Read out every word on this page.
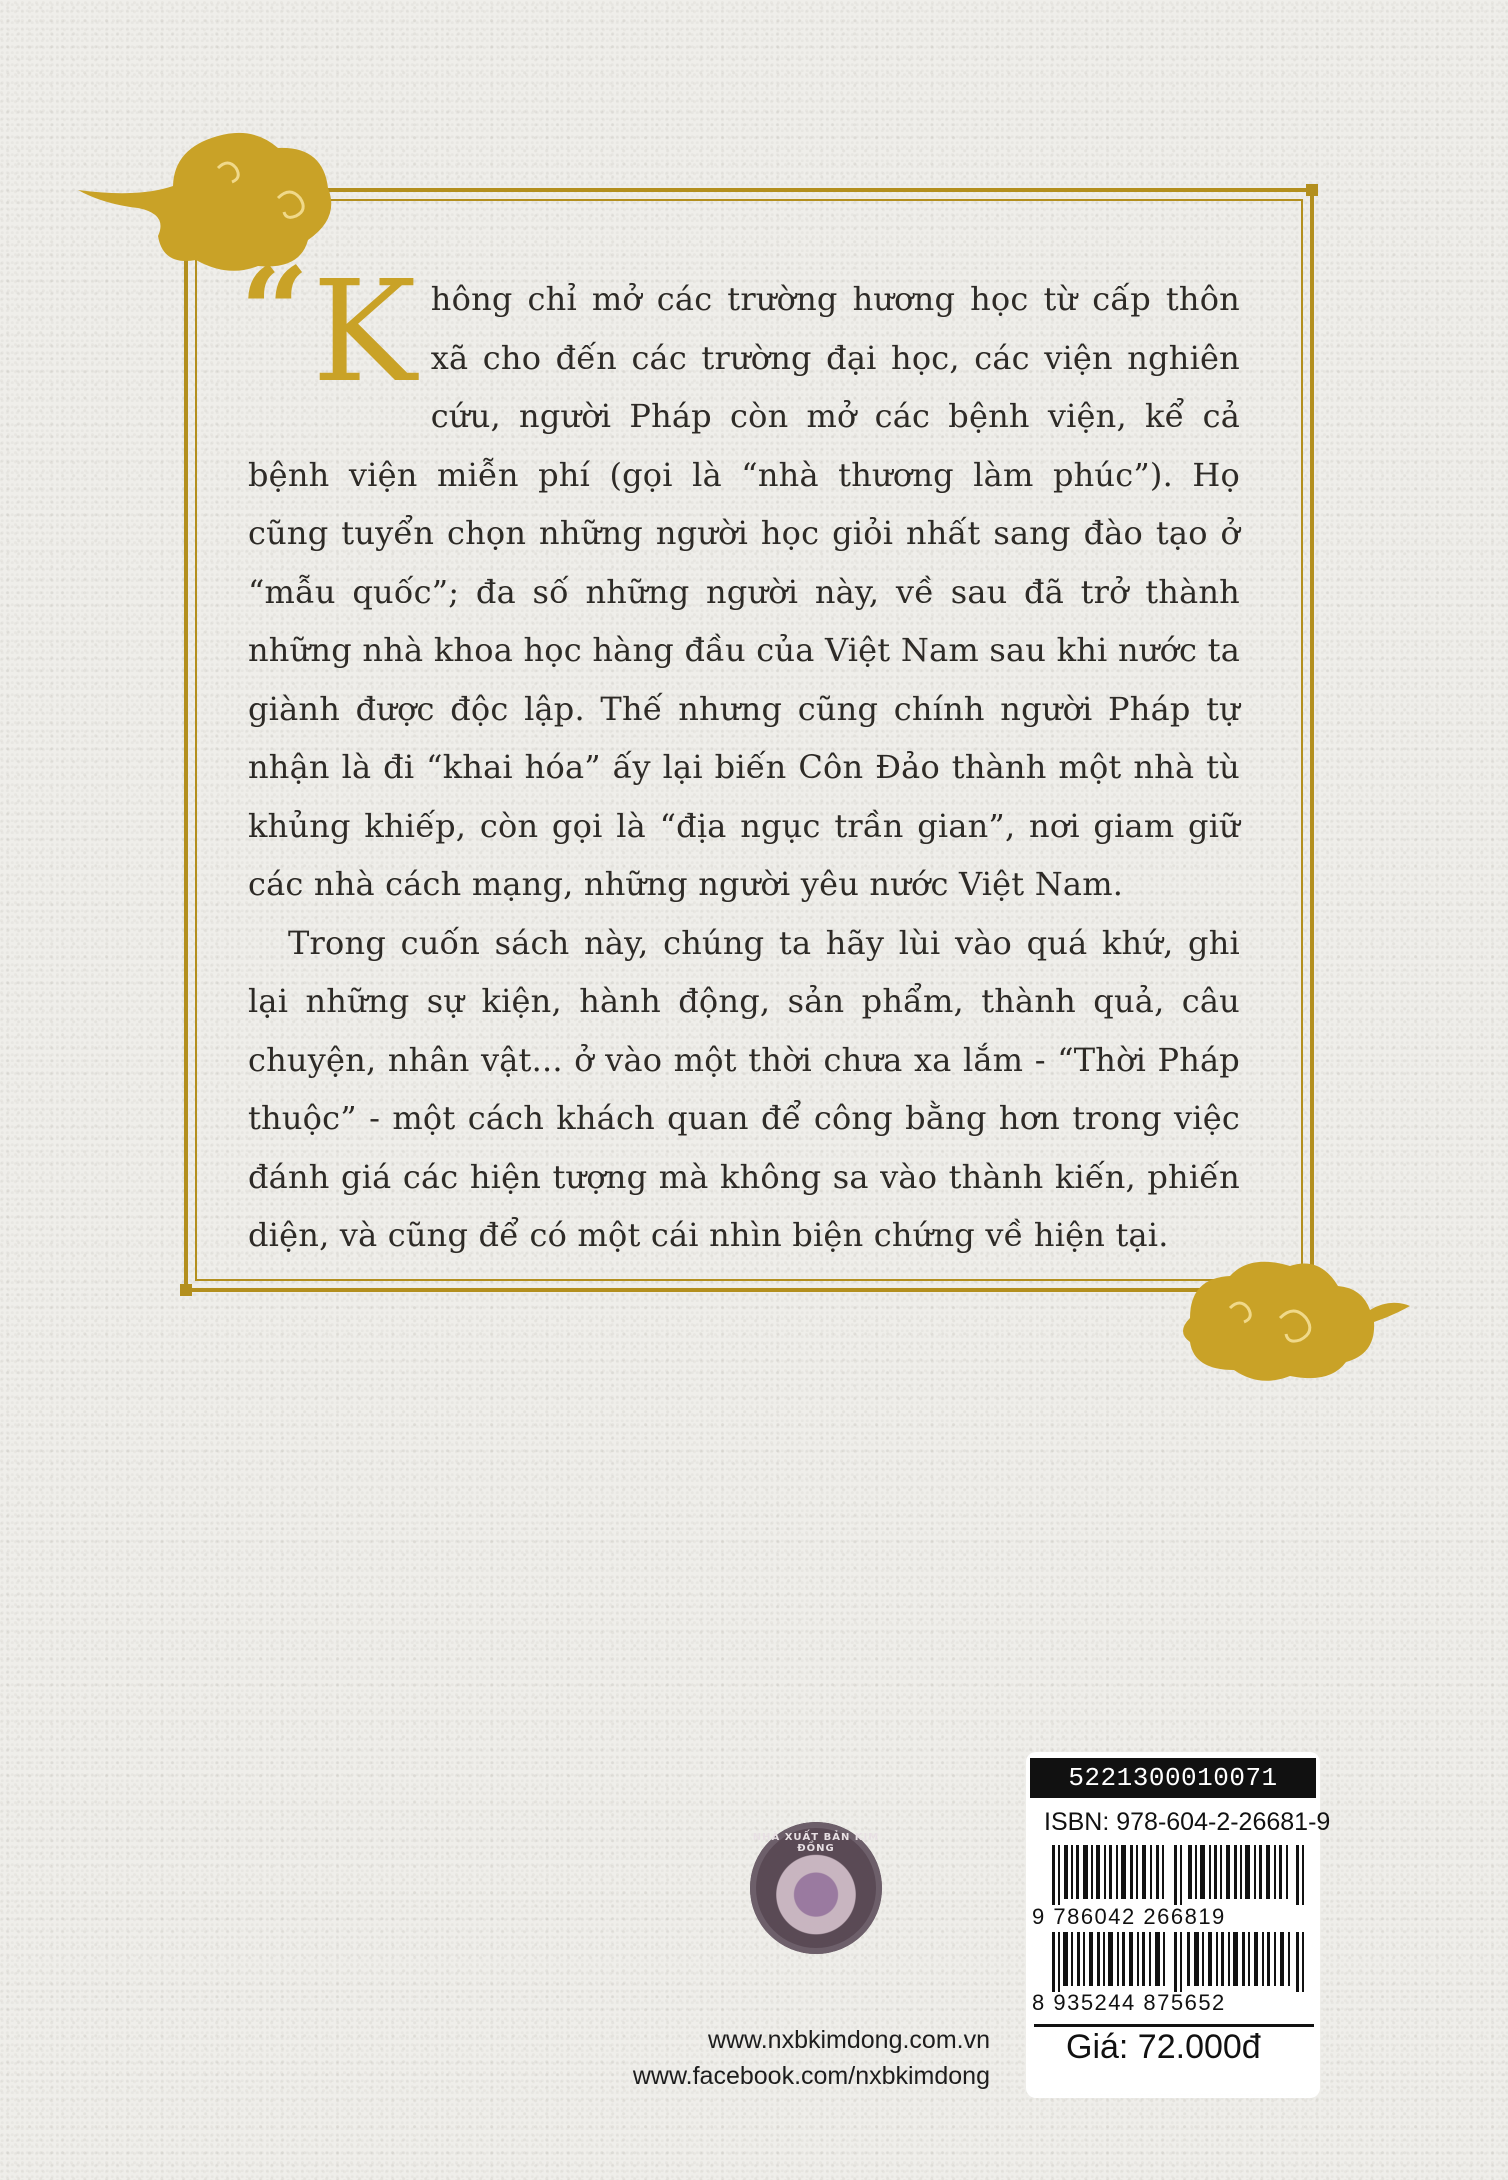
“ Không chỉ mở các trường hương học từ cấp thôn xã cho đến các trường đại học, các viện nghiên cứu, người Pháp còn mở các bệnh viện, kể cả bệnh viện miễn phí (gọi là “nhà thương làm phúc”). Họ cũng tuyển chọn những người học giỏi nhất sang đào tạo ở “mẫu quốc”; đa số những người này, về sau đã trở thành những nhà khoa học hàng đầu của Việt Nam sau khi nước ta giành được độc lập. Thế nhưng cũng chính người Pháp tự nhận là đi “khai hóa” ấy lại biến Côn Đảo thành một nhà tù khủng khiếp, còn gọi là “địa ngục trần gian”, nơi giam giữ các nhà cách mạng, những người yêu nước Việt Nam.

Trong cuốn sách này, chúng ta hãy lùi vào quá khứ, ghi lại những sự kiện, hành động, sản phẩm, thành quả, câu chuyện, nhân vật... ở vào một thời chưa xa lắm - “Thời Pháp thuộc” - một cách khách quan để công bằng hơn trong việc đánh giá các hiện tượng mà không sa vào thành kiến, phiến diện, và cũng để có một cái nhìn biện chứng về hiện tại.

NHÀ XUẤT BẢN KIM ĐỒNG
www.nxbkimdong.com.vn
www.facebook.com/nxbkimdong
5221300010071
ISBN: 978-604-2-26681-9
9 786042 266819
8 935244 875652
Giá: 72.000đ
